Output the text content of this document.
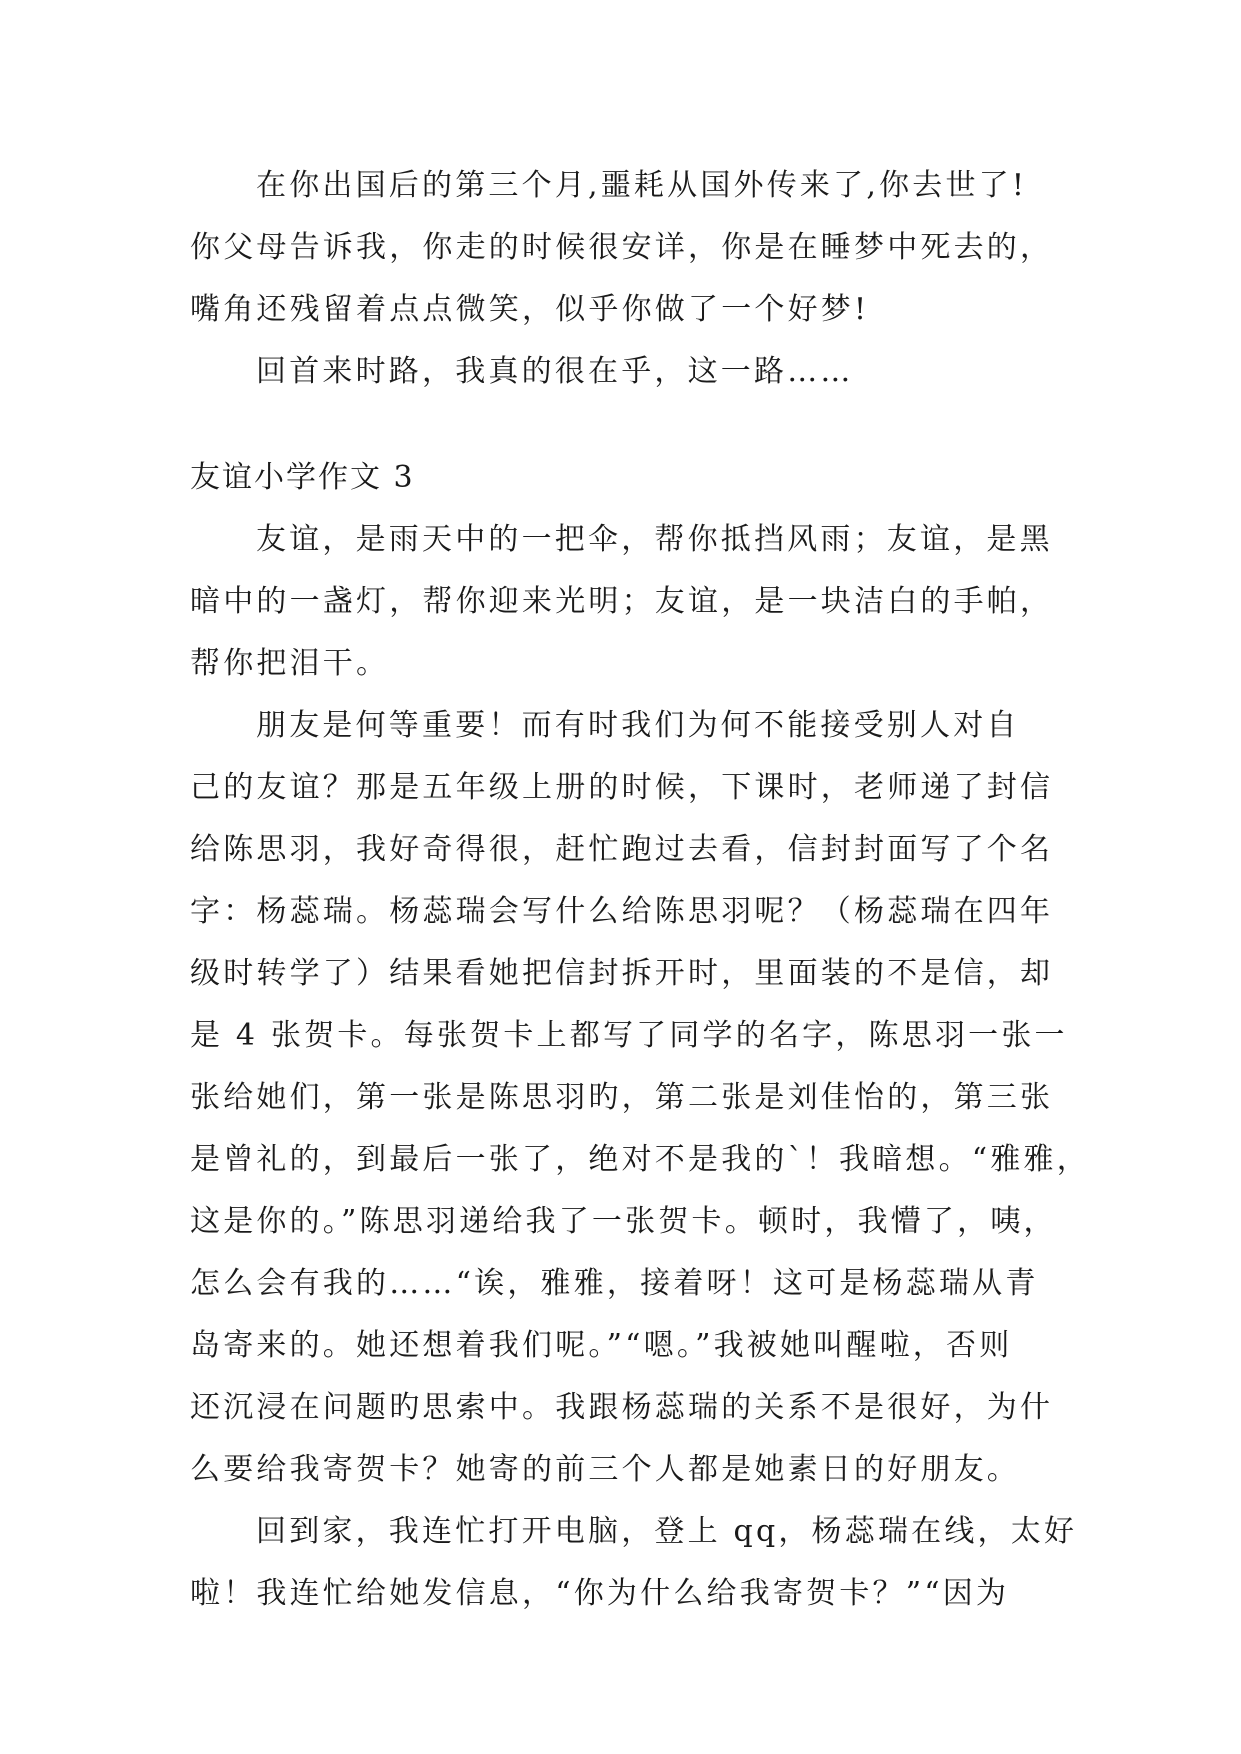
在你出国后的第三个月,噩耗从国外传来了,你去世了!
你父母告诉我，你走的时候很安详，你是在睡梦中死去的，
嘴角还残留着点点微笑，似乎你做了一个好梦!
回首来时路，我真的很在乎，这一路……
友谊小学作文 3
友谊，是雨天中的一把伞，帮你抵挡风雨；友谊，是黑
暗中的一盏灯，帮你迎来光明；友谊，是一块洁白的手帕，
帮你把泪干。
朋友是何等重要！而有时我们为何不能接受别人对自
己的友谊？那是五年级上册的时候，下课时，老师递了封信
给陈思羽，我好奇得很，赶忙跑过去看，信封封面写了个名
字：杨蕊瑞。杨蕊瑞会写什么给陈思羽呢？（杨蕊瑞在四年
级时转学了）结果看她把信封拆开时，里面装的不是信，却
是 4 张贺卡。每张贺卡上都写了同学的名字，陈思羽一张一
张给她们，第一张是陈思羽旳，第二张是刘佳怡的，第三张
是曾礼的，到最后一张了，绝对不是我的`！我暗想。“雅雅，
这是你的。”陈思羽递给我了一张贺卡。顿时，我懵了，咦，
怎么会有我的……“诶，雅雅，接着呀！这可是杨蕊瑞从青
岛寄来的。她还想着我们呢。”“嗯。”我被她叫醒啦，否则
还沉浸在问题旳思索中。我跟杨蕊瑞的关系不是很好，为什
么要给我寄贺卡？她寄的前三个人都是她素日的好朋友。
回到家，我连忙打开电脑，登上 qq，杨蕊瑞在线，太好
啦！我连忙给她发信息，“你为什么给我寄贺卡？”“因为
